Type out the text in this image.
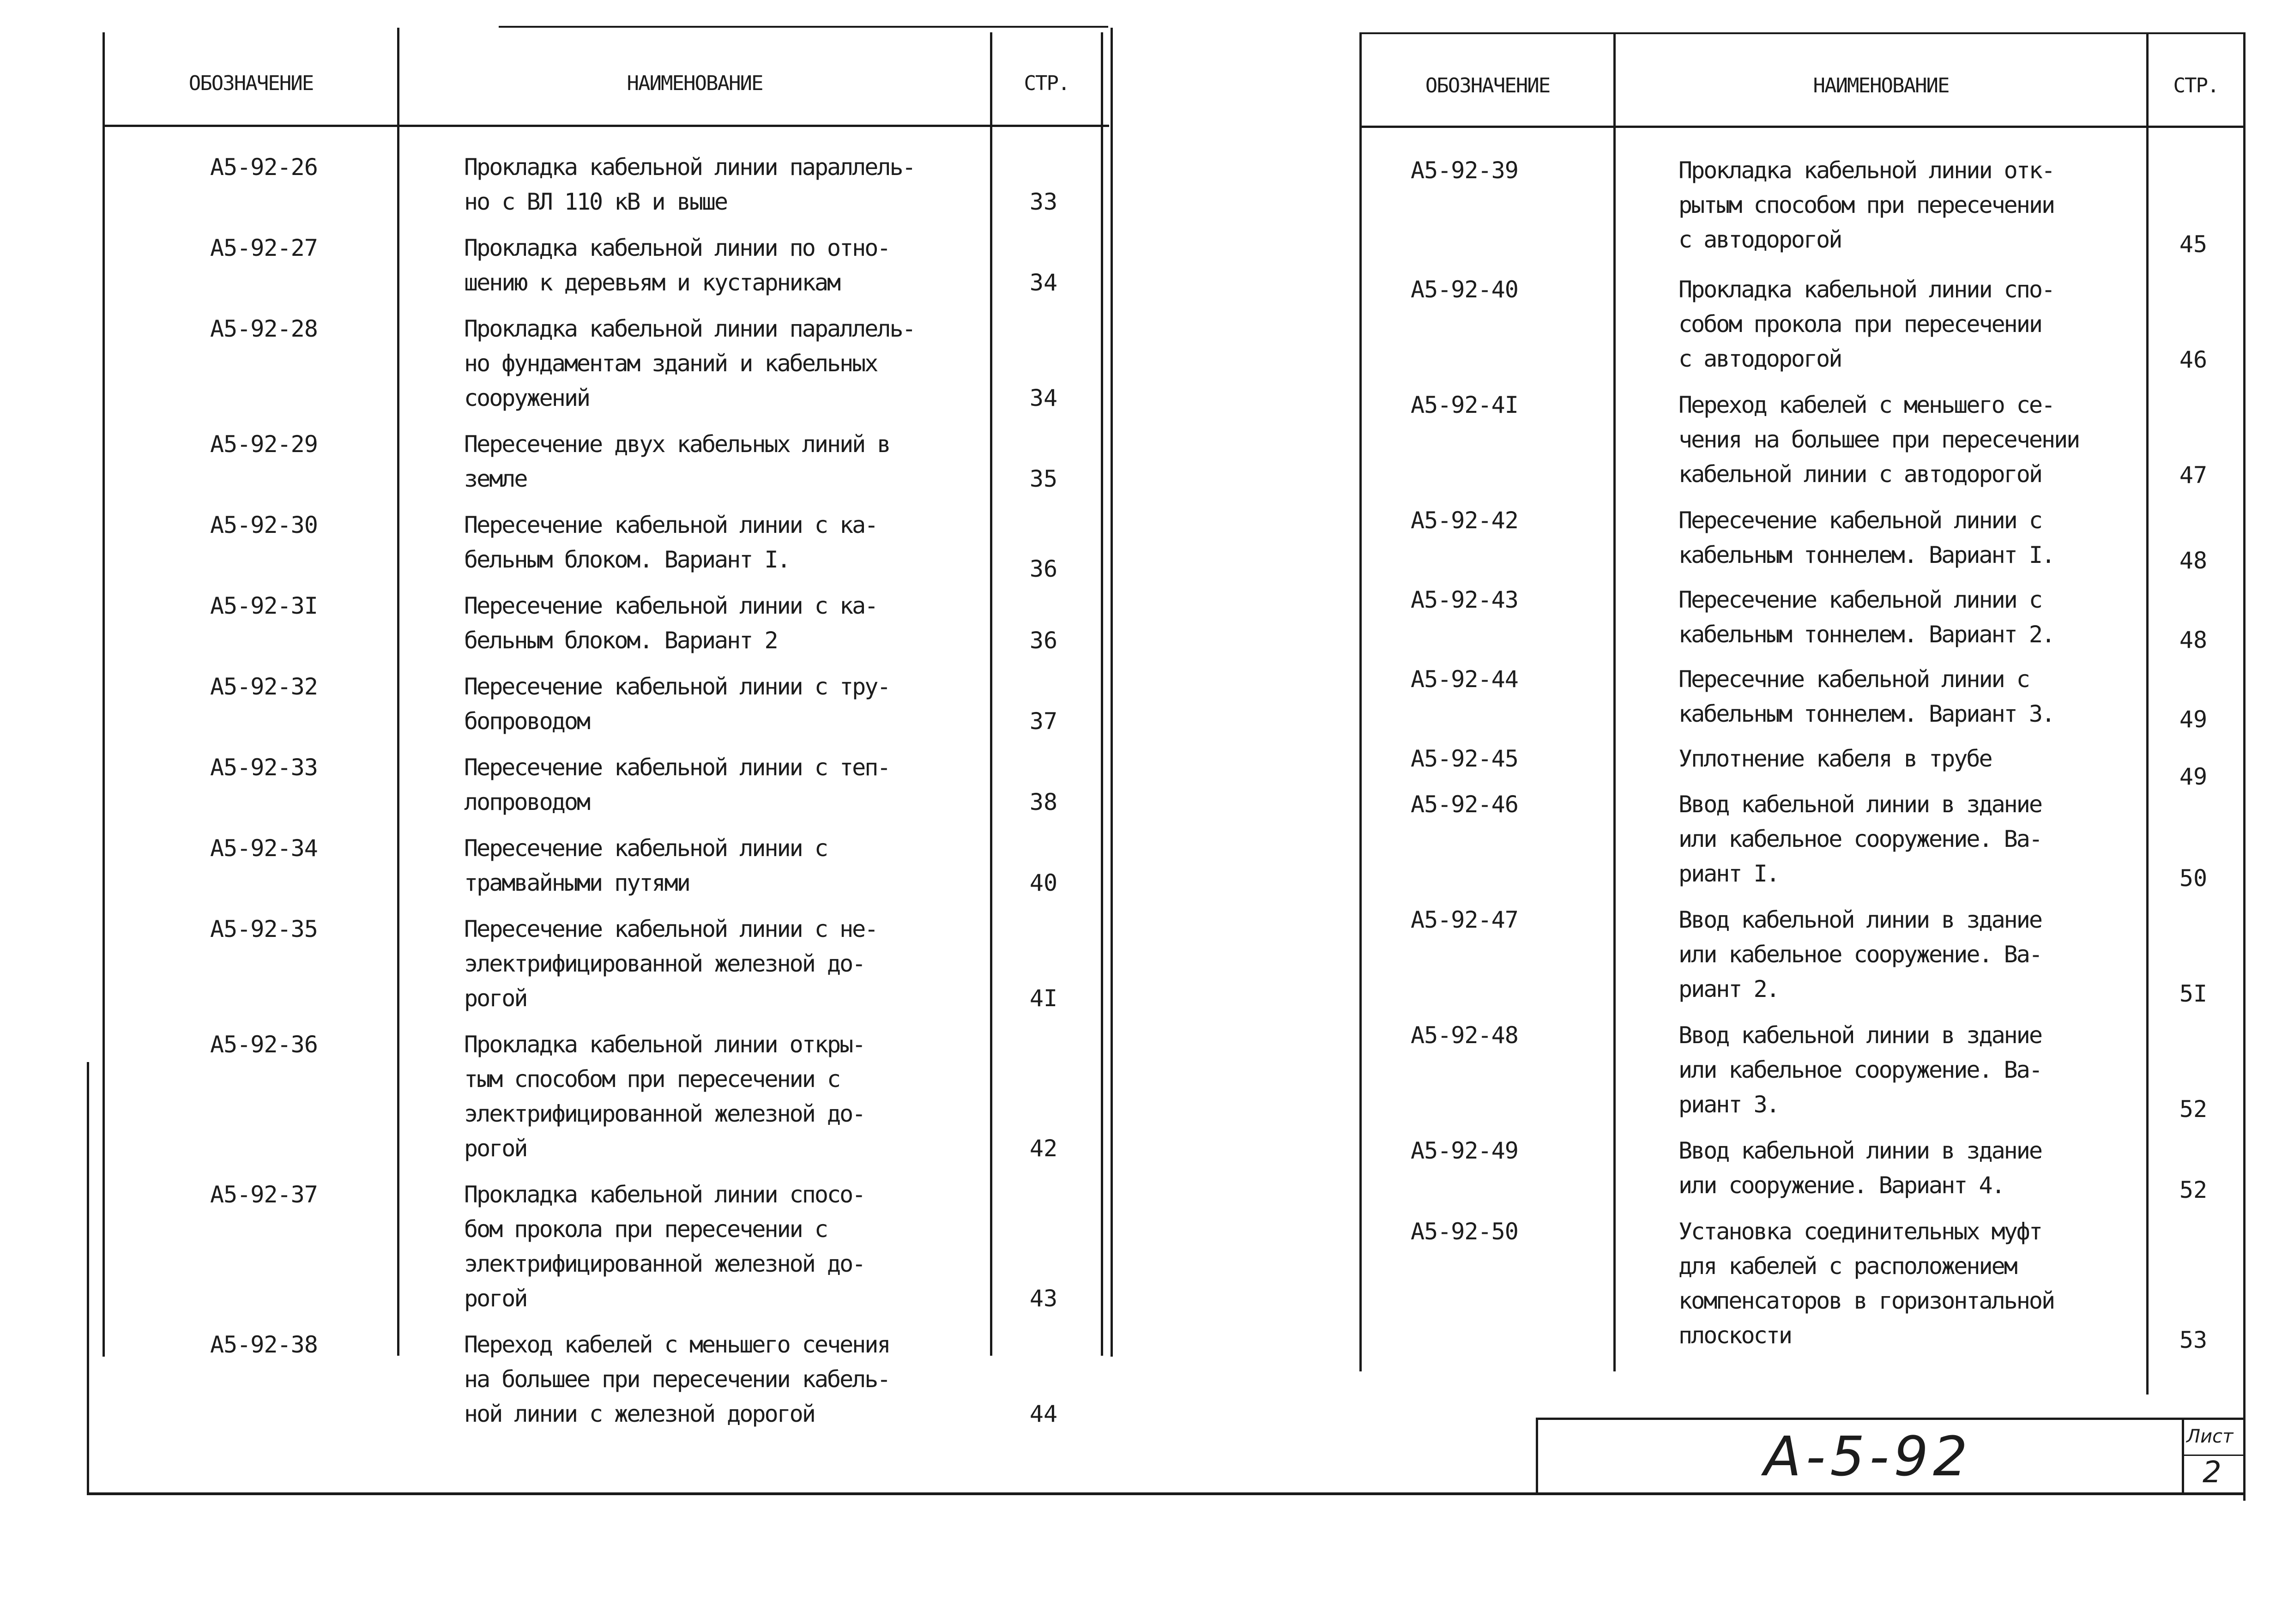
ОБОЗНАЧЕНИЕ	НАИМЕНОВАНИЕ	СТР.	ОБОЗНАЧЕНИЕ	НАИМЕНОВАНИЕ	СТР.
А5-92-26	Прокладка кабельной линии параллель-
но с ВЛ 110 кВ и выше	33
А5-92-27	Прокладка кабельной линии по отно-
шению к деревьям и кустарникам	34
А5-92-28	Прокладка кабельной линии параллель-
но фундаментам зданий и кабельных
сооружений	34
А5-92-29	Пересечение двух кабельных линий в
земле	35
А5-92-30	Пересечение кабельной линии с ка-
бельным блоком. Вариант I.	36
А5-92-3I	Пересечение кабельной линии с ка-
бельным блоком. Вариант 2	36
А5-92-32	Пересечение кабельной линии с тру-
бопроводом	37
А5-92-33	Пересечение кабельной линии с теп-
лопроводом	38
А5-92-34	Пересечение кабельной линии с
трамвайными путями	40
А5-92-35	Пересечение кабельной линии с не-
электрифицированной железной до-
рогой	4I
А5-92-36	Прокладка кабельной линии откры-
тым способом при пересечении с
электрифицированной железной до-
рогой	42
А5-92-37	Прокладка кабельной линии спосо-
бом прокола при пересечении с
электрифицированной железной до-
рогой	43
А5-92-38	Переход кабелей с меньшего сечения
на большее при пересечении кабель-
ной линии с железной дорогой	44
А5-92-39	Прокладка кабельной линии отк-
рытым способом при пересечении
с автодорогой	45
А5-92-40	Прокладка кабельной линии спо-
собом прокола при пересечении
с автодорогой	46
А5-92-4I	Переход кабелей с меньшего се-
чения на большее при пересечении
кабельной линии с автодорогой	47
А5-92-42	Пересечение кабельной линии с
кабельным тоннелем. Вариант I.	48
А5-92-43	Пересечение кабельной линии с
кабельным тоннелем. Вариант 2.	48
А5-92-44	Пересечние кабельной линии с
кабельным тоннелем. Вариант 3.	49
А5-92-45	Уплотнение кабеля в трубе
49
А5-92-46	Ввод кабельной линии в здание
или кабельное сооружение. Ва-
риант I.	50
А5-92-47	Ввод кабельной линии в здание
или кабельное сооружение. Ва-
риант 2.	5I
А5-92-48	Ввод кабельной линии в здание
или кабельное сооружение. Ва-
риант 3.	52
А5-92-49	Ввод кабельной линии в здание
или сооружение. Вариант 4.	52
А5-92-50	Установка соединительных муфт
для кабелей с расположением
компенсаторов в горизонтальной
плоскости	53
А-5-92	Лист
2
